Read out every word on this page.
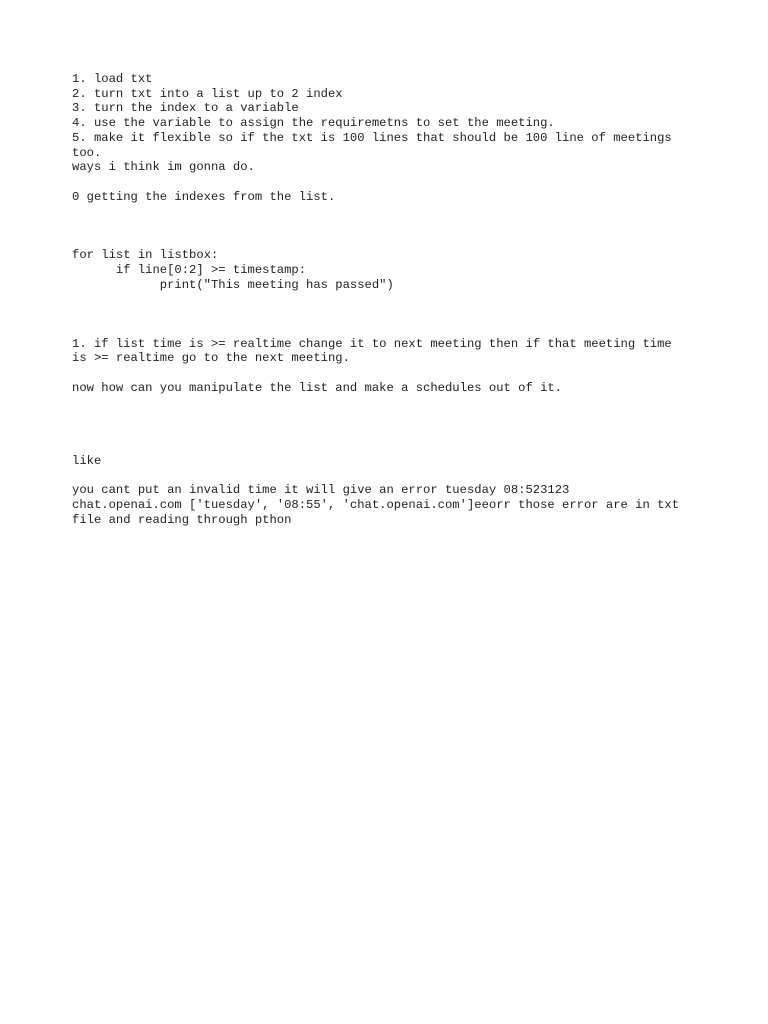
1. load txt
2. turn txt into a list up to 2 index
3. turn the index to a variable
4. use the variable to assign the requiremetns to set the meeting.
5. make it flexible so if the txt is 100 lines that should be 100 line of meetings
too.
ways i think im gonna do.
0 getting the indexes from the list.
for list in listbox:
if line[0:2] >= timestamp:
print("This meeting has passed")
1. if list time is >= realtime change it to next meeting then if that meeting time
is >= realtime go to the next meeting.
now how can you manipulate the list and make a schedules out of it.
like
you cant put an invalid time it will give an error tuesday 08:523123
chat.openai.com ['tuesday', '08:55', 'chat.openai.com']eeorr those error are in txt
file and reading through pthon
